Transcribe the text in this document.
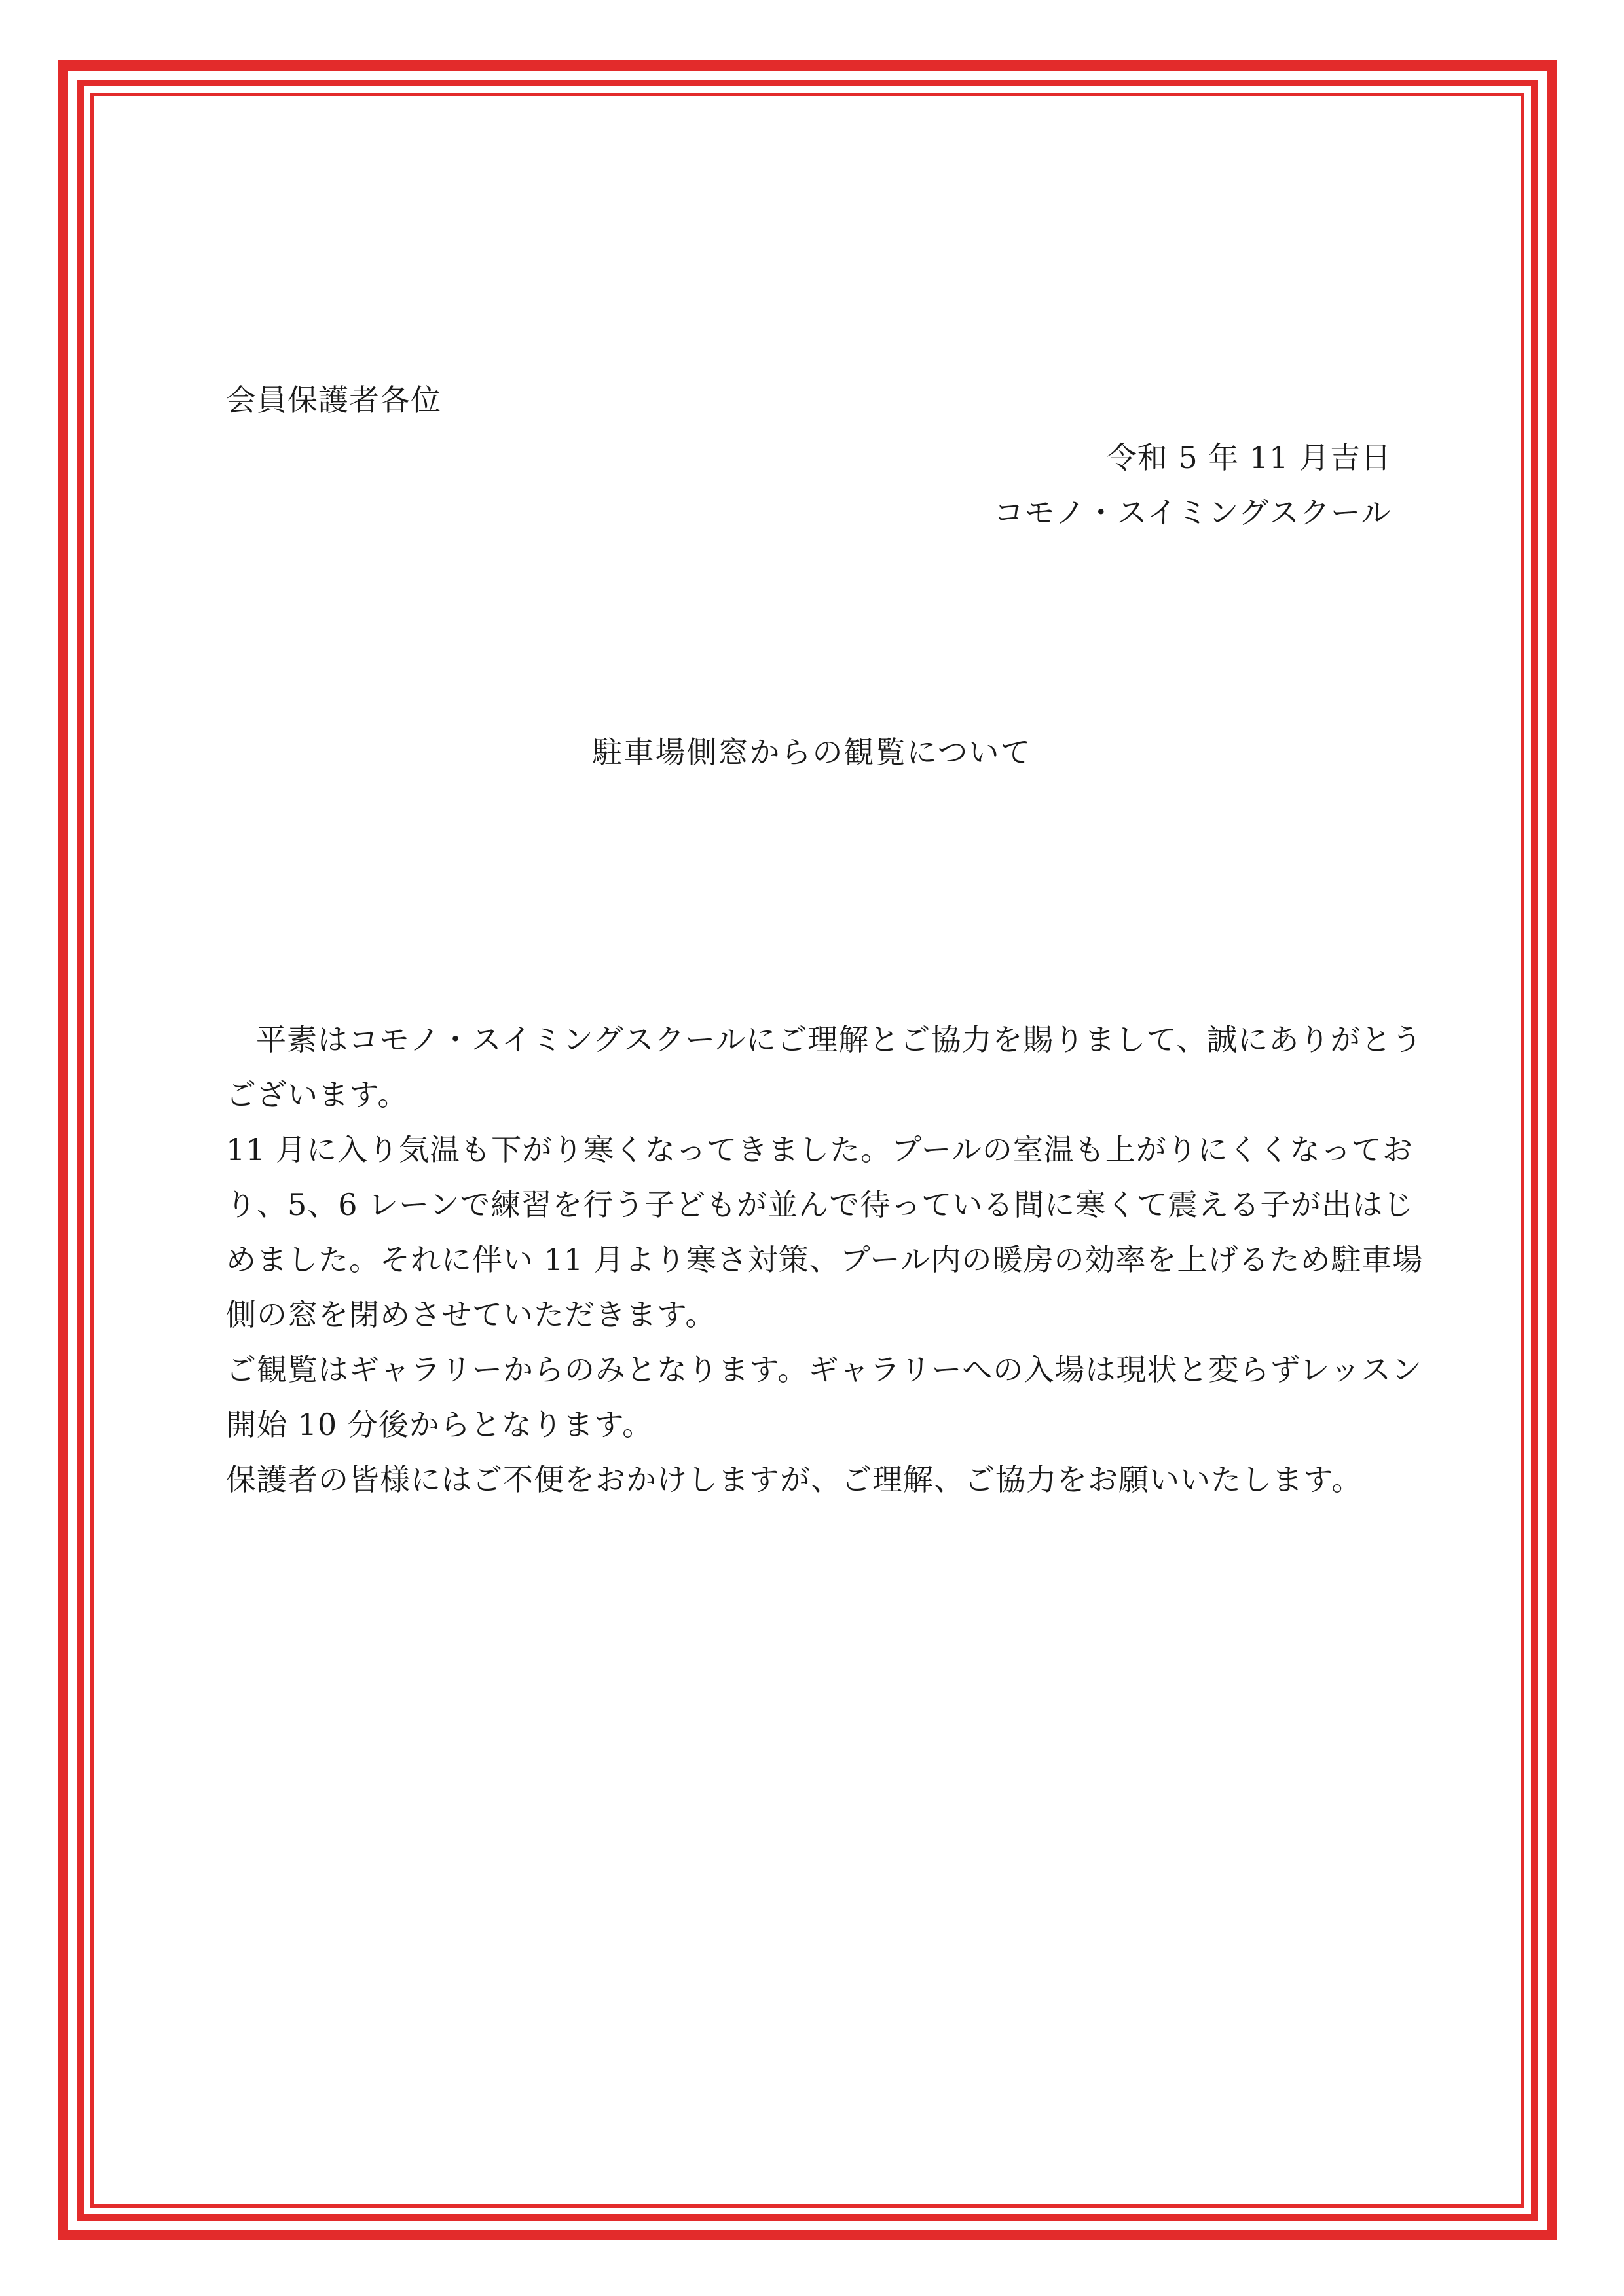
会員保護者各位
令和 5 年 11 月吉日
コモノ・スイミングスクール
駐車場側窓からの観覧について

平素はコモノ・スイミングスクールにご理解とご協力を賜りまして、誠にありがとうございます。

11 月に入り気温も下がり寒くなってきました。プールの室温も上がりにくくなっており、5、6 レーンで練習を行う子どもが並んで待っている間に寒くて震える子が出はじめました。それに伴い 11 月より寒さ対策、プール内の暖房の効率を上げるため駐車場側の窓を閉めさせていただきます。

ご観覧はギャラリーからのみとなります。ギャラリーへの入場は現状と変らずレッスン開始 10 分後からとなります。

保護者の皆様にはご不便をおかけしますが、ご理解、ご協力をお願いいたします。
